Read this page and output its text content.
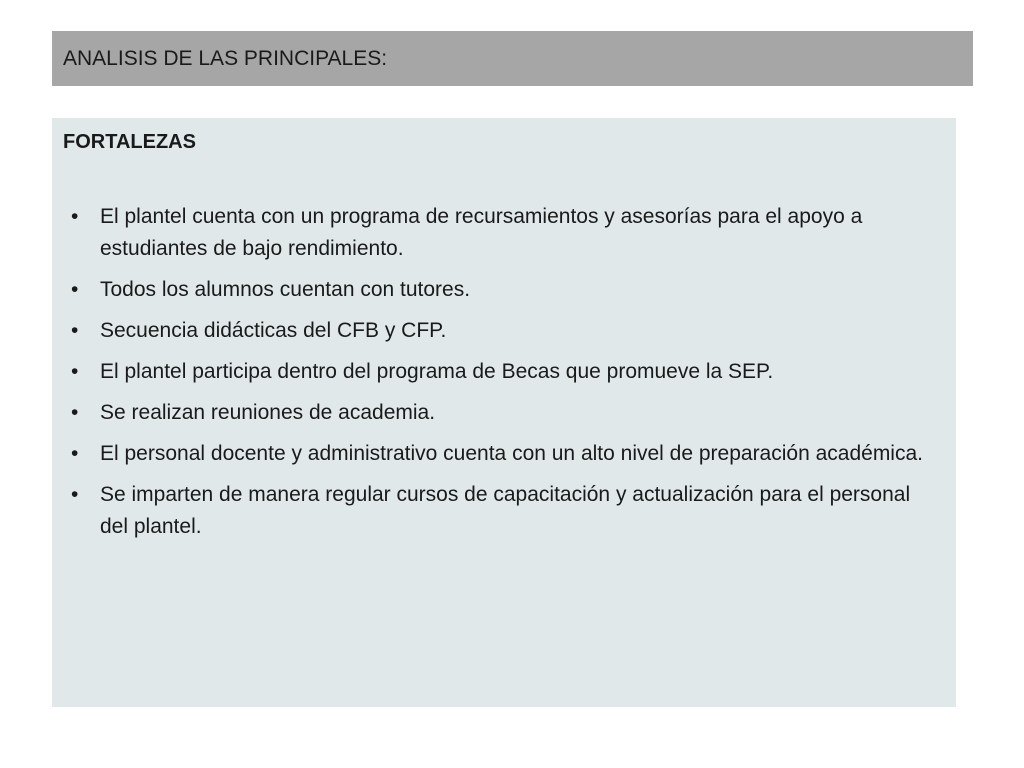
ANALISIS DE LAS PRINCIPALES:
FORTALEZAS
• El plantel cuenta con un programa de recursamientos y asesorías para el apoyo a estudiantes de bajo rendimiento.
• Todos los alumnos cuentan con tutores.
• Secuencia didácticas del CFB y CFP.
• El plantel participa dentro del programa de Becas que promueve la SEP.
• Se realizan reuniones de academia.
• El personal docente y administrativo cuenta con un alto nivel de preparación académica.
• Se imparten de manera regular cursos de capacitación y actualización para el personal del plantel.
